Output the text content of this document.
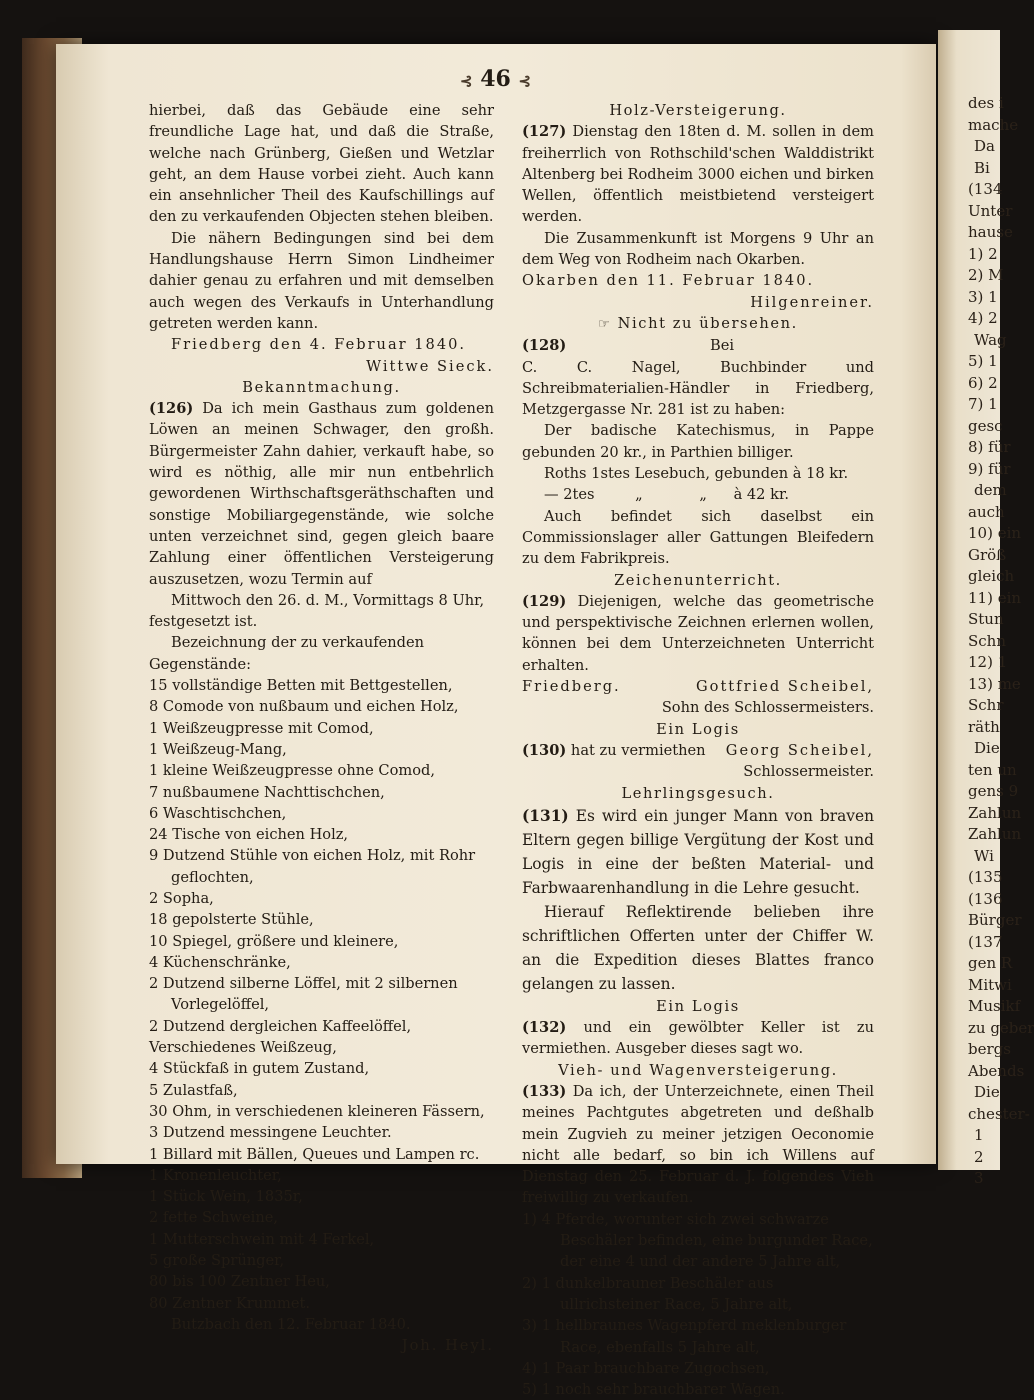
⊰ 46 ⊰

hierbei, daß das Gebäude eine sehr freundliche Lage hat, und daß die Straße, welche nach Grünberg, Gießen und Wetzlar geht, an dem Hause vorbei zieht. Auch kann ein ansehnlicher Theil des Kaufschillings auf den zu verkaufenden Objecten stehen bleiben.

Die nähern Bedingungen sind bei dem Handlungshause Herrn Simon Lindheimer dahier genau zu erfahren und mit demselben auch wegen des Verkaufs in Unterhandlung getreten werden kann.

Friedberg den 4. Februar 1840.

Wittwe Sieck.

Bekanntmachung.

(126) Da ich mein Gasthaus zum goldenen Löwen an meinen Schwager, den großh. Bürgermeister Zahn dahier, verkauft habe, so wird es nöthig, alle mir nun entbehrlich gewordenen Wirthschaftsgeräthschaften und sonstige Mobiliargegenstände, wie solche unten verzeichnet sind, gegen gleich baare Zahlung einer öffentlichen Versteigerung auszusetzen, wozu Termin auf

Mittwoch den 26. d. M., Vormittags 8 Uhr,

festgesetzt ist.

Bezeichnung der zu verkaufenden Gegenstände:

15 vollständige Betten mit Bettgestellen,
8 Comode von nußbaum und eichen Holz,
1 Weißzeugpresse mit Comod,
1 Weißzeug-Mang,
1 kleine Weißzeugpresse ohne Comod,
7 nußbaumene Nachttischchen,
6 Waschtischchen,
24 Tische von eichen Holz,
9 Dutzend Stühle von eichen Holz, mit Rohr geflochten,
2 Sopha,
18 gepolsterte Stühle,
10 Spiegel, größere und kleinere,
4 Küchenschränke,
2 Dutzend silberne Löffel, mit 2 silbernen Vorlegelöffel,
2 Dutzend dergleichen Kaffeelöffel,
Verschiedenes Weißzeug,
4 Stückfaß in gutem Zustand,
5 Zulastfaß,
30 Ohm, in verschiedenen kleineren Fässern,
3 Dutzend messingene Leuchter.
1 Billard mit Bällen, Queues und Lampen rc.
1 Kronenleuchter,
1 Stück Wein, 1835r,
2 fette Schweine,
1 Mutterschwein mit 4 Ferkel,
5 große Sprünger,
80 bis 100 Zentner Heu,
80 Zentner Krummet.

Butzbach den 12. Februar 1840.

Joh. Heyl.

Holz-Versteigerung.

(127) Dienstag den 18ten d. M. sollen in dem freiherrlich von Rothschild'schen Walddistrikt Altenberg bei Rodheim 3000 eichen und birken Wellen, öffentlich meistbietend versteigert werden.

Die Zusammenkunft ist Morgens 9 Uhr an dem Weg von Rodheim nach Okarben.

Okarben den 11. Februar 1840.

Hilgenreiner.

☞ Nicht zu übersehen.

(128)	Bei

C. C. Nagel, Buchbinder und Schreibmaterialien-Händler in Friedberg, Metzgergasse Nr. 281 ist zu haben:

Der badische Katechismus, in Pappe gebunden 20 kr., in Parthien billiger.

Roths 1stes Lesebuch, gebunden à 18 kr.

— 2tes	„	„ à 42 kr.

Auch befindet sich daselbst ein Commissionslager aller Gattungen Bleifedern zu dem Fabrikpreis.

Zeichenunterricht.

(129) Diejenigen, welche das geometrische und perspektivische Zeichnen erlernen wollen, können bei dem Unterzeichneten Unterricht erhalten.

Friedberg.	Gottfried Scheibel,

Sohn des Schlossermeisters.

Ein Logis

(130) hat zu vermiethen Georg Scheibel,

Schlossermeister.

Lehrlingsgesuch.

(131) Es wird ein junger Mann von braven Eltern gegen billige Vergütung der Kost und Logis in eine der beßten Material- und Farbwaarenhandlung in die Lehre gesucht.

Hierauf Reflektirende belieben ihre schriftlichen Offerten unter der Chiffer W. an die Expedition dieses Blattes franco gelangen zu lassen.

Ein Logis

(132) und ein gewölbter Keller ist zu vermiethen. Ausgeber dieses sagt wo.

Vieh- und Wagenversteigerung.

(133) Da ich, der Unterzeichnete, einen Theil meines Pachtgutes abgetreten und deßhalb mein Zugvieh zu meiner jetzigen Oeconomie nicht alle bedarf, so bin ich Willens auf Dienstag den 25. Februar d. J. folgendes Vieh freiwillig zu verkaufen.

1) 4 Pferde, worunter sich zwei schwarze Beschäler befinden, eine burgunder Race, der eine 4 und der andere 5 Jahre alt,
2) 1 dunkelbrauner Beschäler aus ullrichsteiner Race, 5 Jahre alt,
3) 1 hellbraunes Wagenpferd meklenburger Race, ebenfalls 5 Jahre alt,
4) 1 Paar brauchbare Zugochsen,
5) 1 noch sehr brauchbarer Wagen.
des i
mache
Da
Bi
(134
Unter
hause
1) 2
2) M
3) 1
4) 2
Wag
5) 1
6) 2
7) 1
gesc
8) für
9) für
dem
auch
10) ein
Größ
gleich
11) ein
Stun
Schn
12) 1
13) me
Schr
räth
Die
ten un
gens 9
Zahlun
Zahlun
Wi
(135
(136
Bürger
(137
gen R
Mitwi
Musikf
zu geber
bergs
Abends
Die
chester-
1
2
3
